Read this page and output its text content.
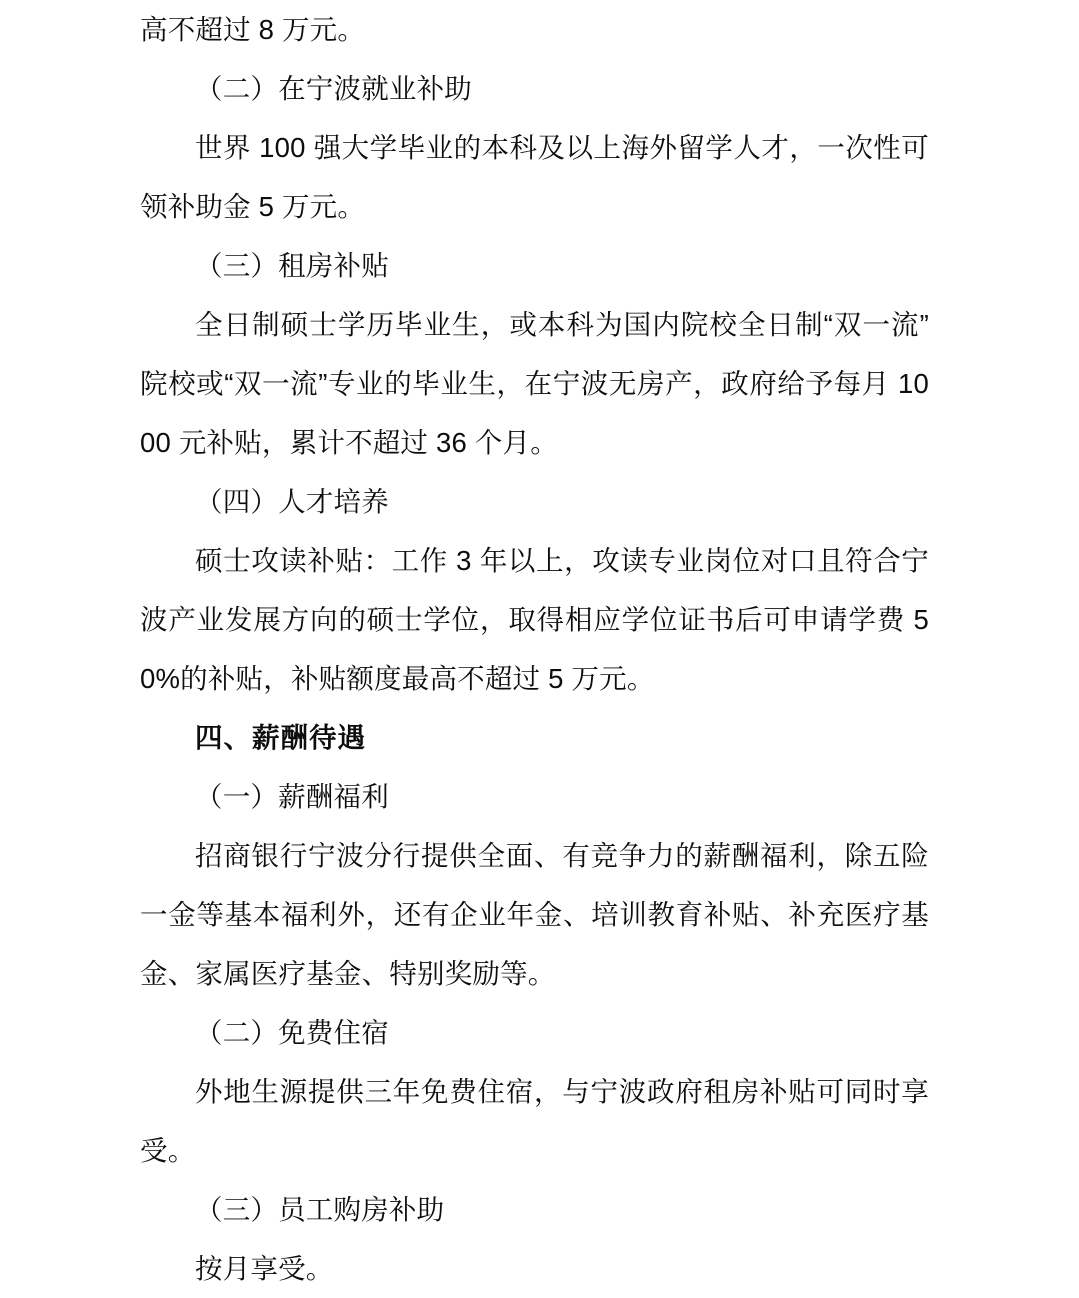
高不超过 8 万元。

（二）在宁波就业补助

世界 100 强大学毕业的本科及以上海外留学人才，一次性可领补助金 5 万元。

（三）租房补贴

全日制硕士学历毕业生，或本科为国内院校全日制“双一流”院校或“双一流”专业的毕业生，在宁波无房产，政府给予每月 1000 元补贴，累计不超过 36 个月。

（四）人才培养

硕士攻读补贴：工作 3 年以上，攻读专业岗位对口且符合宁波产业发展方向的硕士学位，取得相应学位证书后可申请学费 50%的补贴，补贴额度最高不超过 5 万元。

四、薪酬待遇

（一）薪酬福利

招商银行宁波分行提供全面、有竞争力的薪酬福利，除五险一金等基本福利外，还有企业年金、培训教育补贴、补充医疗基金、家属医疗基金、特别奖励等。

（二）免费住宿

外地生源提供三年免费住宿，与宁波政府租房补贴可同时享受。

（三）员工购房补助

按月享受。
